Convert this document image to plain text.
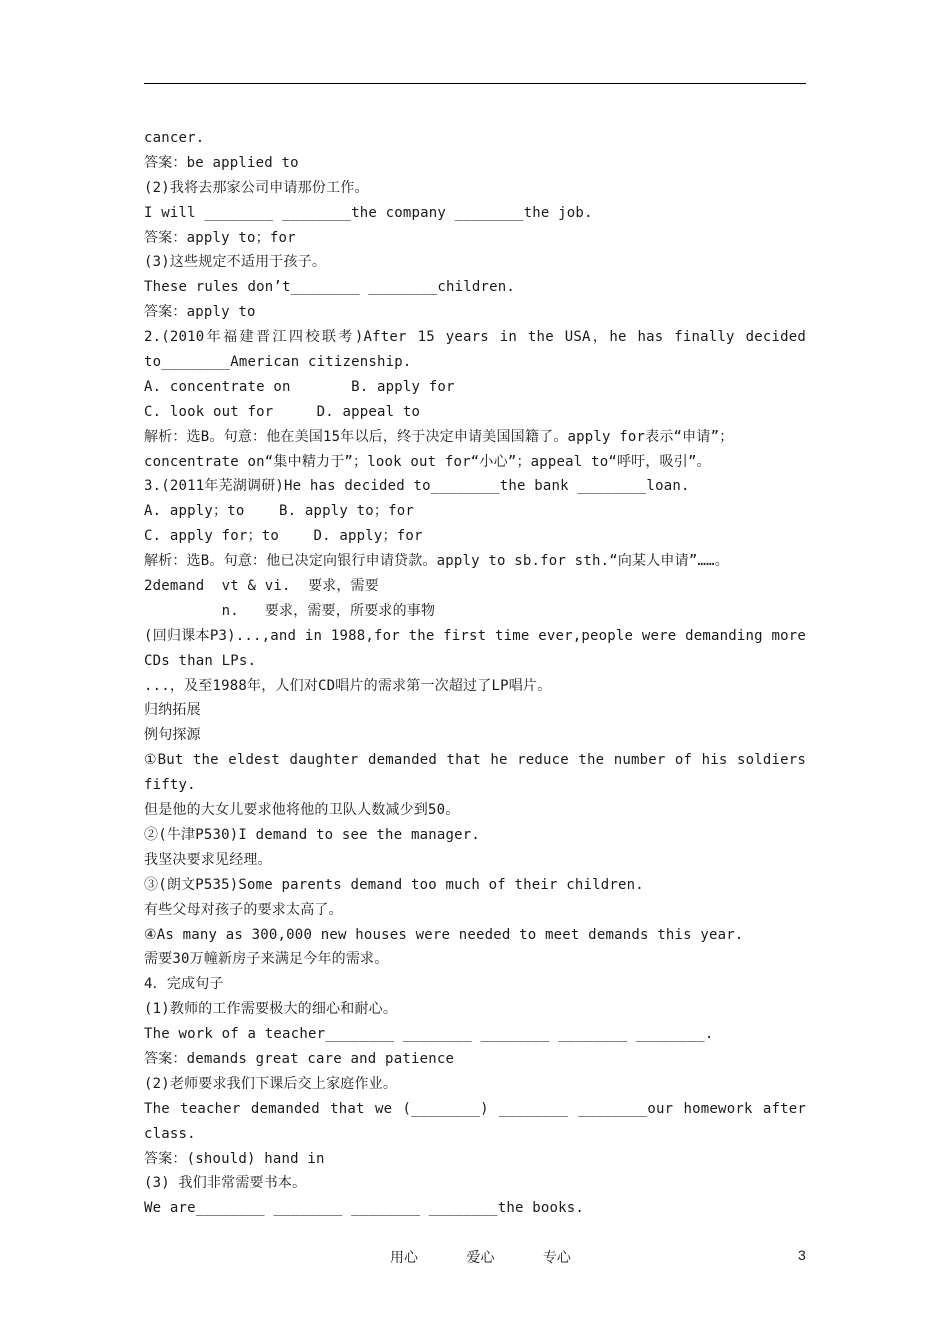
cancer.
答案：be applied to
(2)我将去那家公司申请那份工作。
I will ________ ________the company ________the job.
答案：apply to；for
(3)这些规定不适用于孩子。
These rules don’t________ ________children.
答案：apply to
2.(2010年福建晋江四校联考)After 15 years in the USA，he has finally decided
to________American citizenship.
A. concentrate on       B. apply for
C. look out for     D. appeal to
解析：选B。句意：他在美国15年以后，终于决定申请美国国籍了。apply for表示“申请”；
concentrate on“集中精力于”；look out for“小心”；appeal to“呼吁，吸引”。
3.(2011年芜湖调研)He has decided to________the bank ________loan.
A. apply；to    B. apply to；for
C. apply for；to    D. apply；for
解析：选B。句意：他已决定向银行申请贷款。apply to sb.for sth.“向某人申请”……。
2demand  vt & vi.  要求，需要
n.   要求，需要，所要求的事物
(回归课本P3)...,and in 1988,for the first time ever,people were demanding more
CDs than LPs.
...，及至1988年，人们对CD唱片的需求第一次超过了LP唱片。
归纳拓展
例句探源
①But the eldest daughter demanded that he reduce the number of his soldiers
fifty.
但是他的大女儿要求他将他的卫队人数减少到50。
②(牛津P530)I demand to see the manager.
我坚决要求见经理。
③(朗文P535)Some parents demand too much of their children.
有些父母对孩子的要求太高了。
④As many as 300,000 new houses were needed to meet demands this year.
需要30万幢新房子来满足今年的需求。
4．完成句子
(1)教师的工作需要极大的细心和耐心。
The work of a teacher________ ________ ________ ________ ________.
答案：demands great care and patience
(2)老师要求我们下课后交上家庭作业。
The teacher demanded that we (________) ________ ________our homework after
class.
答案：(should) hand in
(3) 我们非常需要书本。
We are________ ________ ________ ________the books.
用心	爱心	专心	3
